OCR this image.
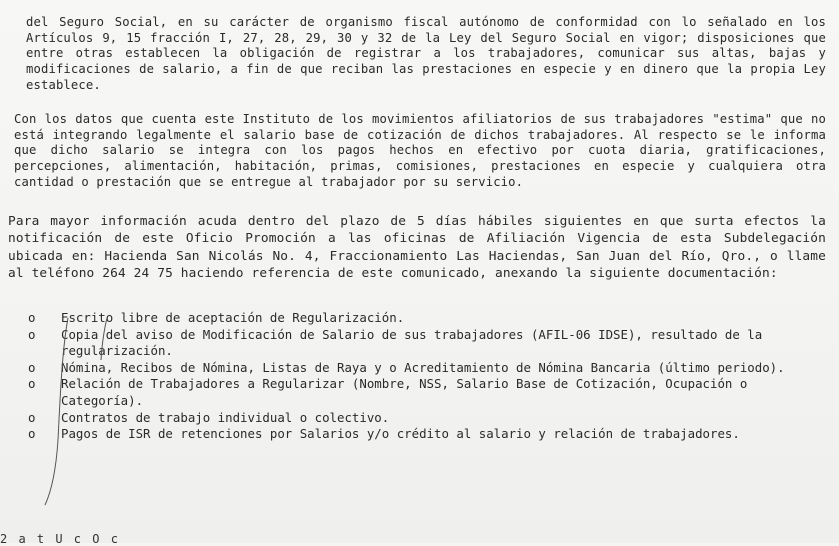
del Seguro Social, en su carácter de organismo fiscal autónomo de conformidad con lo señalado en los Artículos 9, 15 fracción I, 27, 28, 29, 30 y 32 de la Ley del Seguro Social en vigor; disposiciones que entre otras establecen la obligación de registrar a los trabajadores, comunicar sus altas, bajas y modificaciones de salario, a fin de que reciban las prestaciones en especie y en dinero que la propia Ley establece.

Con los datos que cuenta este Instituto de los movimientos afiliatorios de sus trabajadores "estima" que no está integrando legalmente el salario base de cotización de dichos trabajadores. Al respecto se le informa que dicho salario se integra con los pagos hechos en efectivo por cuota diaria, gratificaciones, percepciones, alimentación, habitación, primas, comisiones, prestaciones en especie y cualquiera otra cantidad o prestación que se entregue al trabajador por su servicio.

Para mayor información acuda dentro del plazo de 5 días hábiles siguientes en que surta efectos la notificación de este Oficio Promoción a las oficinas de Afiliación Vigencia de esta Subdelegación ubicada en: Hacienda San Nicolás No. 4, Fraccionamiento Las Haciendas, San Juan del Río, Qro., o llame al teléfono 264 24 75 haciendo referencia de este comunicado, anexando la siguiente documentación:

o Escrito libre de aceptación de Regularización.
o Copia del aviso de Modificación de Salario de sus trabajadores (AFIL-06 IDSE), resultado de la regularización.
o Nómina, Recibos de Nómina, Listas de Raya y o Acreditamiento de Nómina Bancaria (último periodo).
o Relación de Trabajadores a Regularizar (Nombre, NSS, Salario Base de Cotización, Ocupación o Categoría).
o Contratos de trabajo individual o colectivo.
o Pagos de ISR de retenciones por Salarios y/o crédito al salario y relación de trabajadores.
2 a t U c O c
